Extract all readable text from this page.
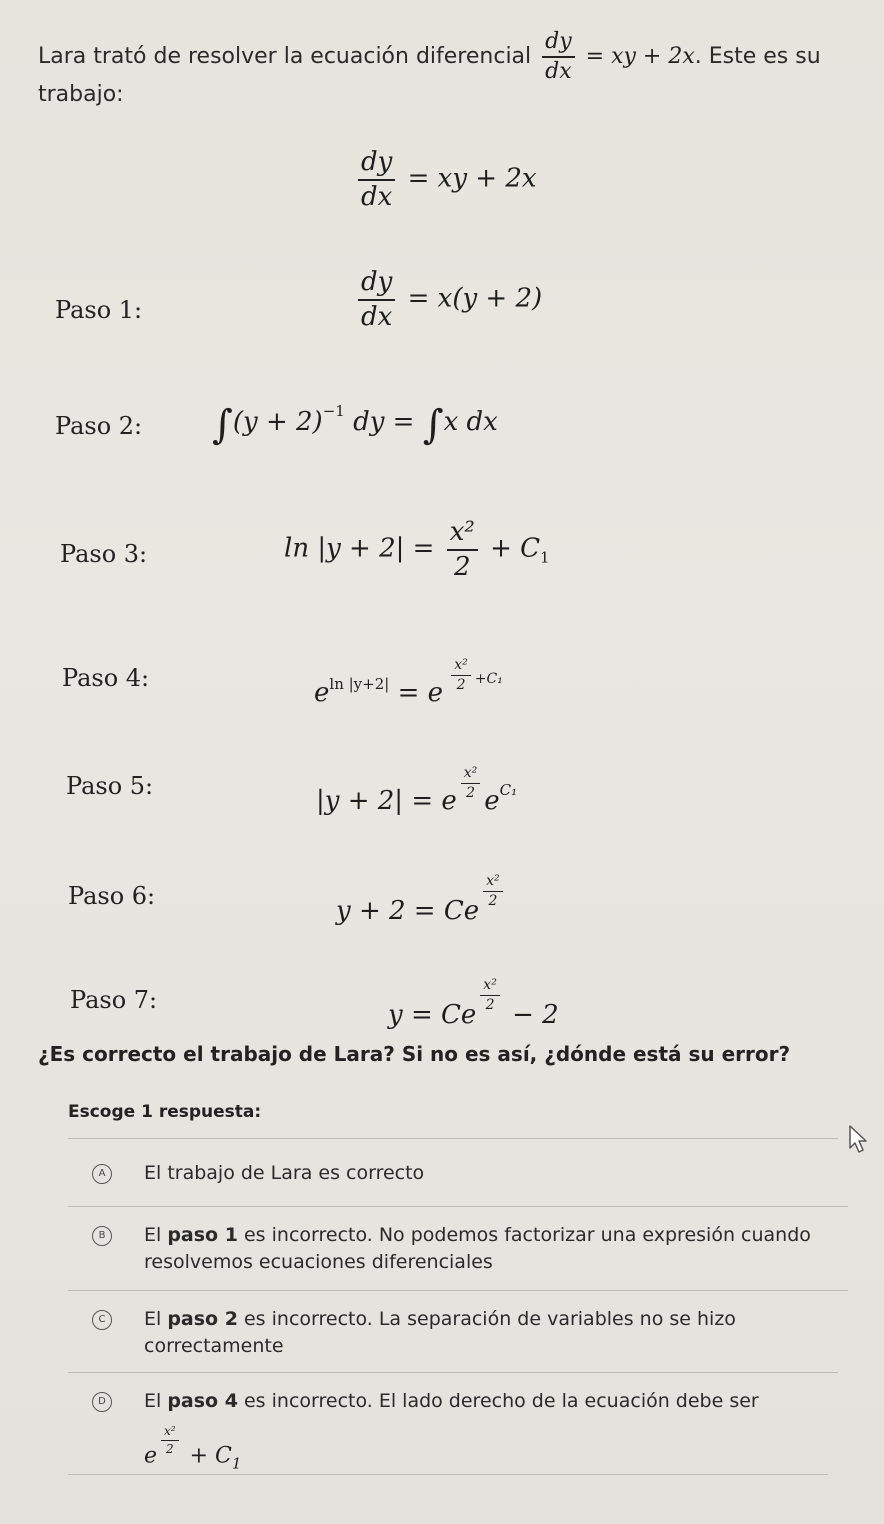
Lara trató de resolver la ecuación diferencial $\frac{dy}{dx}$ = xy + 2x. Este es su
trabajo:
$\frac{dy}{dx}$ = xy + 2x
Paso 1:	$\frac{dy}{dx} = x(y + 2)$
Paso 2: $\int(y + 2)^{-1}$ dy = ∫x dx
Paso 3:	$\ln |y + 2| = \frac{\text{x²}}{2} + C_1$
Paso 4:	$e^{ln |y+2|} = e \frac{\text{x²}}{2} +C_1$
Paso 5:	|y + 2| = e $\frac{\text{x²}}{2} e^{C_1}$
Paso 6:	y + 2 = Ce
$\frac{\text{x²}}{2}$
Paso 7:	y = Ce
$\frac{\text{x²}}{2}$
− 2
¿Es correcto el trabajo de Lara? Si no es así, ¿dónde está su error?
Escoge 1 respuesta:
A	El trabajo de Lara es correcto
B	El paso 1 es incorrecto. No podemos factorizar una expresión cuando resolvemos ecuaciones diferenciales
C	El paso 2 es incorrecto. La separación de variables no se hizo correctamente
D	El paso 4 es incorrecto. El lado derecho de la ecuación debe ser
e $\frac{\text{x²}}{2} + C_1$
